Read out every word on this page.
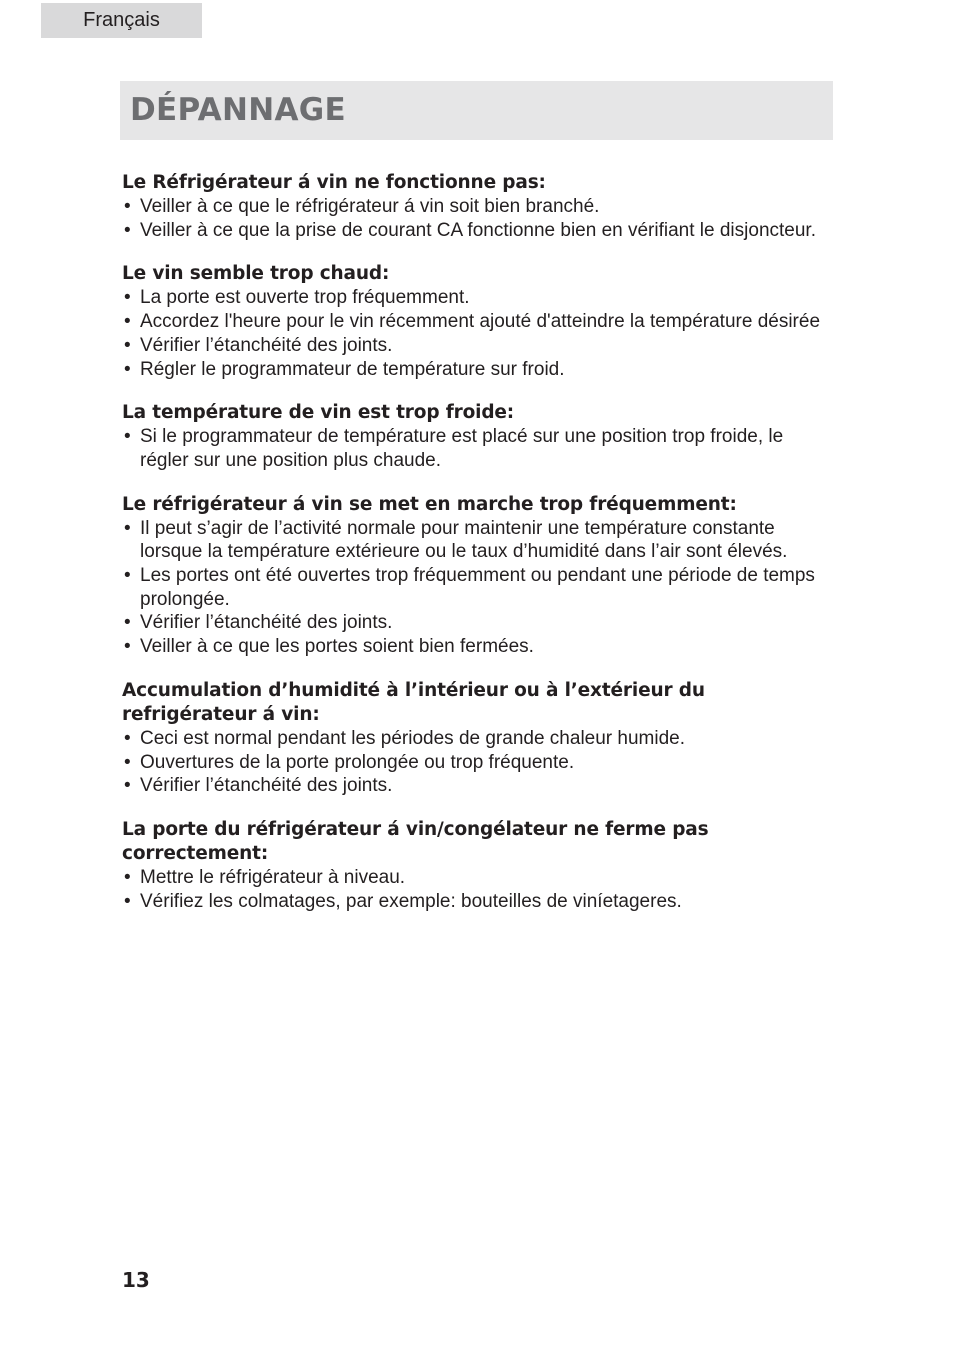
Français
DÉPANNAGE

Le Réfrigérateur á vin ne fonctionne pas:

• Veiller à ce que le réfrigérateur á vin soit bien branché.
• Veiller à ce que la prise de courant CA fonctionne bien en vérifiant le disjoncteur.

Le vin semble trop chaud:

• La porte est ouverte trop fréquemment.
• Accordez l'heure pour le vin récemment ajouté d'atteindre la température désirée
• Vérifier l’étanchéité des joints.
• Régler le programmateur de température sur froid.

La température de vin est trop froide:

• Si le programmateur de température est placé sur une position trop froide, le régler sur une position plus chaude.

Le réfrigérateur á vin se met en marche trop fréquemment:

• Il peut s’agir de l’activité normale pour maintenir une température constante lorsque la température extérieure ou le taux d’humidité dans l’air sont élevés.
• Les portes ont été ouvertes trop fréquemment ou pendant une période de temps prolongée.
• Vérifier l’étanchéité des joints.
• Veiller à ce que les portes soient bien fermées.

Accumulation d’humidité à l’intérieur ou à l’extérieur du refrigérateur á vin:

• Ceci est normal pendant les périodes de grande chaleur humide.
• Ouvertures de la porte prolongée ou trop fréquente.
• Vérifier l’étanchéité des joints.

La porte du réfrigérateur á vin/congélateur ne ferme pas correctement:

• Mettre le réfrigérateur à niveau.
• Vérifiez les colmatages, par exemple: bouteilles de viníetageres.
13
